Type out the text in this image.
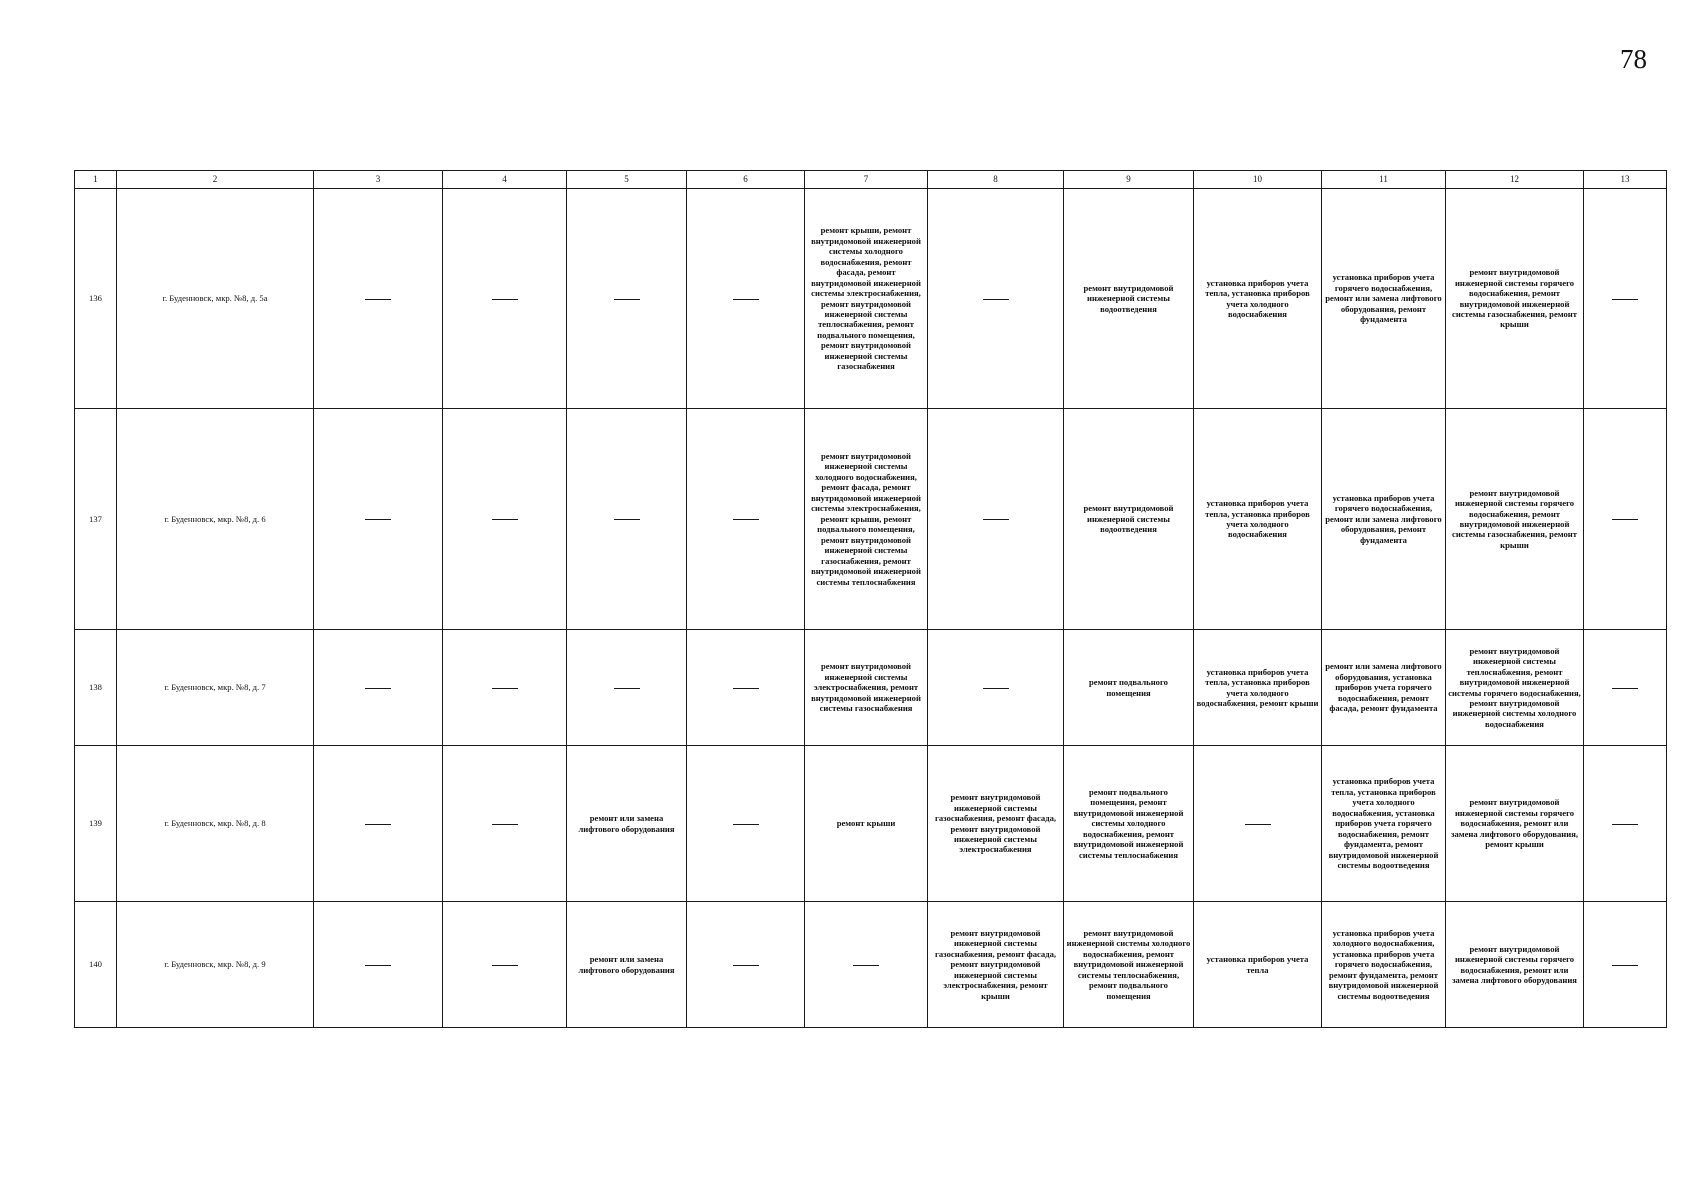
78
1	2	3	4	5	6	7	8	9	10	11	12	13
136	г. Буденновск, мкр. №8, д. 5а					ремонт крыши, ремонт внутридомовой инженерной системы холодного водоснабжения, ремонт фасада, ремонт внутридомовой инженерной системы электроснабжения, ремонт внутридомовой инженерной системы теплоснабжения, ремонт подвального помещения, ремонт внутридомовой инженерной системы газоснабжения		ремонт внутридомовой инженерной системы водоотведения	установка приборов учета тепла, установка приборов учета холодного водоснабжения	установка приборов учета горячего водоснабжения, ремонт или замена лифтового оборудования, ремонт фундамента	ремонт внутридомовой инженерной системы горячего водоснабжения, ремонт внутридомовой инженерной системы газоснабжения, ремонт крыши	
137	г. Буденновск, мкр. №8, д. 6					ремонт внутридомовой инженерной системы холодного водоснабжения, ремонт фасада, ремонт внутридомовой инженерной системы электроснабжения, ремонт крыши, ремонт подвального помещения, ремонт внутридомовой инженерной системы газоснабжения, ремонт внутридомовой инженерной системы теплоснабжения		ремонт внутридомовой инженерной системы водоотведения	установка приборов учета тепла, установка приборов учета холодного водоснабжения	установка приборов учета горячего водоснабжения, ремонт или замена лифтового оборудования, ремонт фундамента	ремонт внутридомовой инженерной системы горячего водоснабжения, ремонт внутридомовой инженерной системы газоснабжения, ремонт крыши	
138	г. Буденновск, мкр. №8, д. 7					ремонт внутридомовой инженерной системы электроснабжения, ремонт внутридомовой инженерной системы газоснабжения		ремонт подвального помещения	установка приборов учета тепла, установка приборов учета холодного водоснабжения, ремонт крыши	ремонт или замена лифтового оборудования, установка приборов учета горячего водоснабжения, ремонт фасада, ремонт фундамента	ремонт внутридомовой инженерной системы теплоснабжения, ремонт внутридомовой инженерной системы горячего водоснабжения, ремонт внутридомовой инженерной системы холодного водоснабжения	
139	г. Буденновск, мкр. №8, д. 8			ремонт или замена лифтового оборудования		ремонт крыши	ремонт внутридомовой инженерной системы газоснабжения, ремонт фасада, ремонт внутридомовой инженерной системы электроснабжения	ремонт подвального помещения, ремонт внутридомовой инженерной системы холодного водоснабжения, ремонт внутридомовой инженерной системы теплоснабжения		установка приборов учета тепла, установка приборов учета холодного водоснабжения, установка приборов учета горячего водоснабжения, ремонт фундамента, ремонт внутридомовой инженерной системы водоотведения	ремонт внутридомовой инженерной системы горячего водоснабжения, ремонт или замена лифтового оборудования, ремонт крыши	
140	г. Буденновск, мкр. №8, д. 9			ремонт или замена лифтового оборудования			ремонт внутридомовой инженерной системы газоснабжения, ремонт фасада, ремонт внутридомовой инженерной системы электроснабжения, ремонт крыши	ремонт внутридомовой инженерной системы холодного водоснабжения, ремонт внутридомовой инженерной системы теплоснабжения, ремонт подвального помещения	установка приборов учета тепла	установка приборов учета холодного водоснабжения, установка приборов учета горячего водоснабжения, ремонт фундамента, ремонт внутридомовой инженерной системы водоотведения	ремонт внутридомовой инженерной системы горячего водоснабжения, ремонт или замена лифтового оборудования	
